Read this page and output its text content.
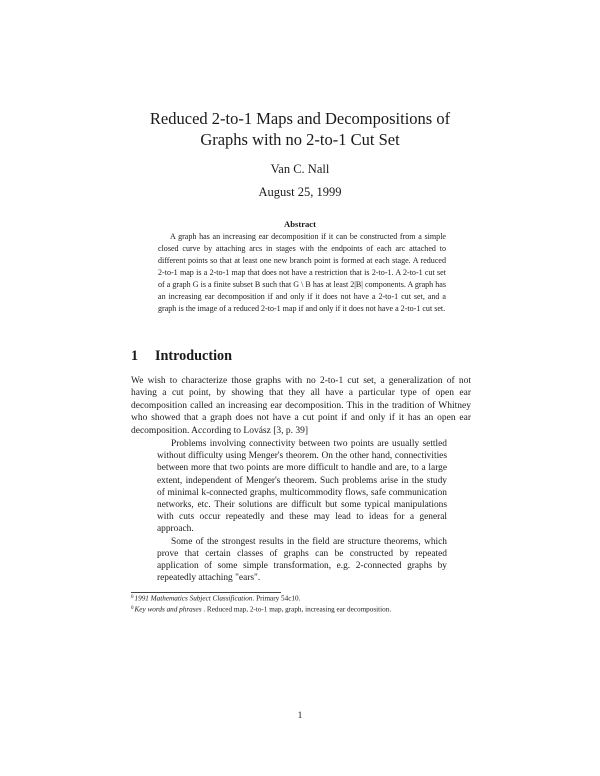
Reduced 2-to-1 Maps and Decompositions of
Graphs with no 2-to-1 Cut Set
Van C. Nall
August 25, 1999
Abstract

A graph has an increasing ear decomposition if it can be constructed from a simple closed curve by attaching arcs in stages with the endpoints of each arc attached to different points so that at least one new branch point is formed at each stage. A reduced 2-to-1 map is a 2-to-1 map that does not have a restriction that is 2-to-1. A 2-to-1 cut set of a graph G is a finite subset B such that G \ B has at least 2|B| components. A graph has an increasing ear decomposition if and only if it does not have a 2-to-1 cut set, and a graph is the image of a reduced 2-to-1 map if and only if it does not have a 2-to-1 cut set.

1 Introduction

We wish to characterize those graphs with no 2-to-1 cut set, a generalization of not having a cut point, by showing that they all have a particular type of open ear decomposition called an increasing ear decomposition. This in the tradition of Whitney who showed that a graph does not have a cut point if and only if it has an open ear decomposition. According to Lovász [3, p. 39]

Problems involving connectivity between two points are usually settled without difficulty using Menger's theorem. On the other hand, connectivities between more that two points are more difficult to handle and are, to a large extent, independent of Menger's theorem. Such problems arise in the study of minimal k-connected graphs, multicommodity flows, safe communication networks, etc. Their solutions are difficult but some typical manipulations with cuts occur repeatedly and these may lead to ideas for a general approach.

Some of the strongest results in the field are structure theorems, which prove that certain classes of graphs can be constructed by repeated application of some simple transformation, e.g. 2-connected graphs by repeatedly attaching "ears".

$^0$1991 Mathematics Subject Classification. Primary 54c10.
$^0$Key words and phrases . Reduced map, 2-to-1 map, graph, increasing ear decomposition.
1
